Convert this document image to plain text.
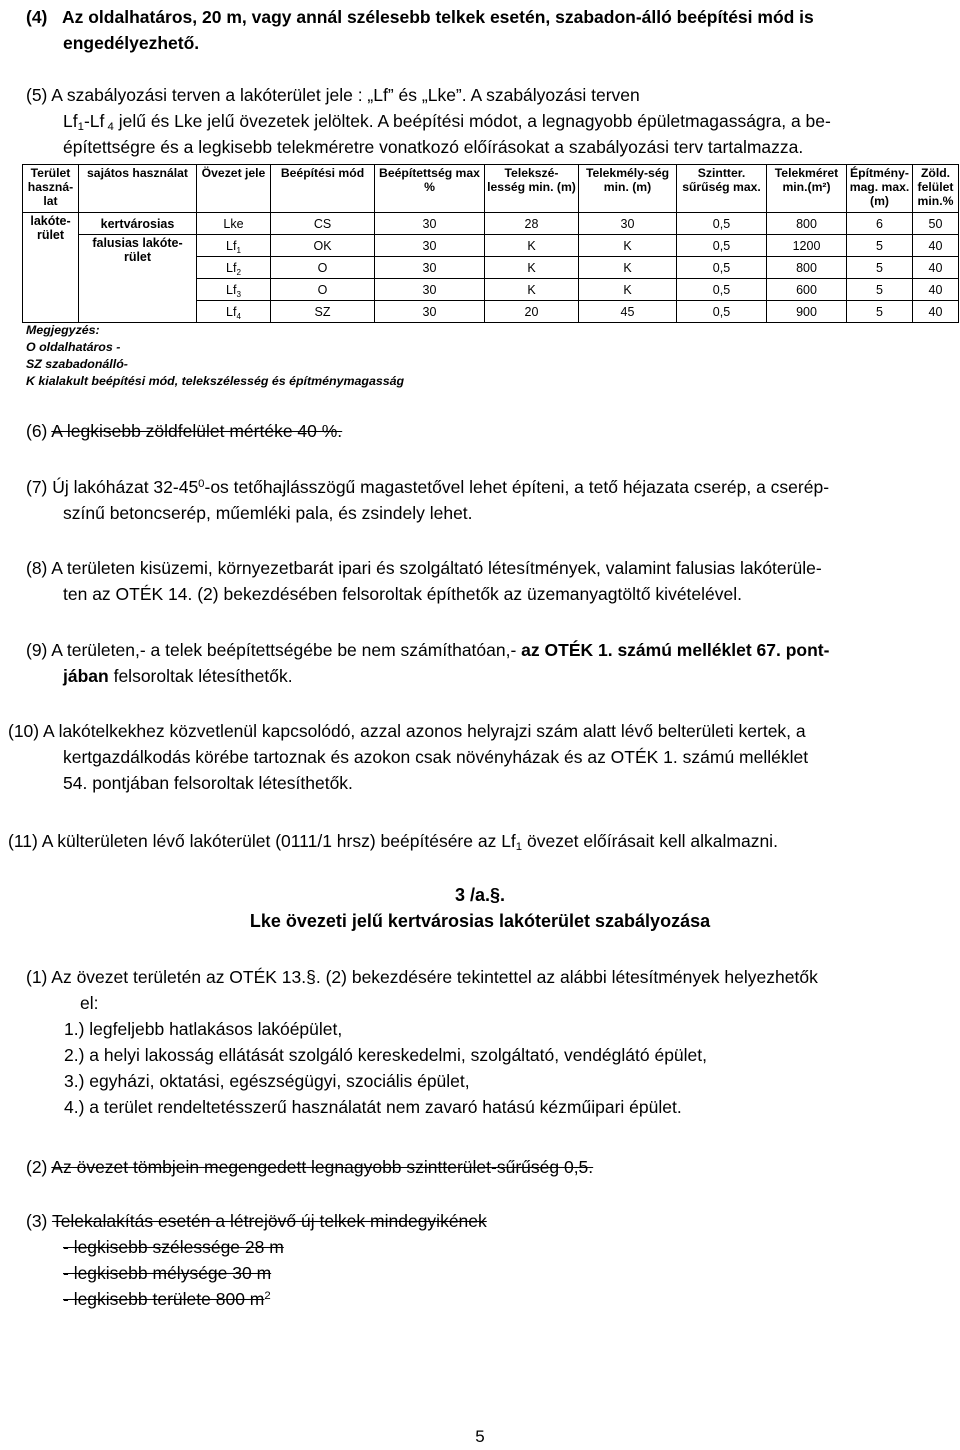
(4) Az oldalhatáros, 20 m, vagy annál szélesebb telkek esetén, szabadon-álló beépítési mód is
engedélyezhető.
(5) A szabályozási terven a lakóterület jele : „Lf” és „Lke”. A szabályozási terven
$Lf_1-Lf$ $_4$ jelű és Lke jelű övezetek jelöltek. A beépítési módot, a legnagyobb épületmagasságra, a be-
építettségre és a legkisebb telekméretre vonatkozó előírásokat a szabályozási terv tartalmazza.
Terület haszná-lat	sajátos használat	Övezet jele	Beépítési mód	Beépítettség max %	Telekszé-lesség min. (m)	Telekmély-ség min. (m)	Szintter. sűrűség max.	Telekméret min.(m²)	Építmény-mag. max.(m)	Zöld. felület min.%
lakóte-rület	kertvárosias	Lke	CS	30	28	30	0,5	800	6	50
	falusias lakóte-rület	$Lf_1$	OK	30	K	K	0,5	1200	5	40
		$Lf_2$	O	30	K	K	0,5	800	5	40
		$Lf_3$	O	30	K	K	0,5	600	5	40
		$Lf_4$	SZ	30	20	45	0,5	900	5	40
Megjegyzés:
O oldalhatáros -
SZ szabadonálló-
K kialakult beépítési mód, telekszélesség és építménymagasság
(6) A legkisebb zöldfelület mértéke 40 %.
(7) Új lakóházat $32-45^0-os$ tetőhajlásszögű magastetővel lehet építeni, a tető héjazata cserép, a cserép-
színű betoncserép, műemléki pala, és zsindely lehet.
(8) A területen kisüzemi, környezetbarát ipari és szolgáltató létesítmények, valamint falusias lakóterüle-
ten az OTÉK 14. (2) bekezdésében felsoroltak építhetők az üzemanyagtöltő kivételével.
(9) A területen,- a telek beépítettségébe be nem számíthatóan,- az OTÉK 1. számú melléklet 67. pont-
jában felsoroltak létesíthetők.
(10) A lakótelkekhez közvetlenül kapcsolódó, azzal azonos helyrajzi szám alatt lévő belterületi kertek, a
kertgazdálkodás körébe tartoznak és azokon csak növényházak és az OTÉK 1. számú melléklet
54. pontjában felsoroltak létesíthetők.
(11) A külterületen lévő lakóterület (0111/1 hrsz) beépítésére az $Lf_1$ övezet előírásait kell alkalmazni.
3 /a.§.
Lke övezeti jelű kertvárosias lakóterület szabályozása
(1) Az övezet területén az OTÉK 13.§. (2) bekezdésére tekintettel az alábbi létesítmények helyezhetők
el:
1.) legfeljebb hatlakásos lakóépület,
2.) a helyi lakosság ellátását szolgáló kereskedelmi, szolgáltató, vendéglátó épület,
3.) egyházi, oktatási, egészségügyi, szociális épület,
4.) a terület rendeltetésszerű használatát nem zavaró hatású kézműipari épület.
(2) Az övezet tömbjein megengedett legnagyobb szintterület-sűrűség 0,5.
(3) Telekalakítás esetén a létrejövő új telkek mindegyikének
- legkisebb szélessége 28 m
- legkisebb mélysége 30 m
- legkisebb területe 800 $m^2$
5
